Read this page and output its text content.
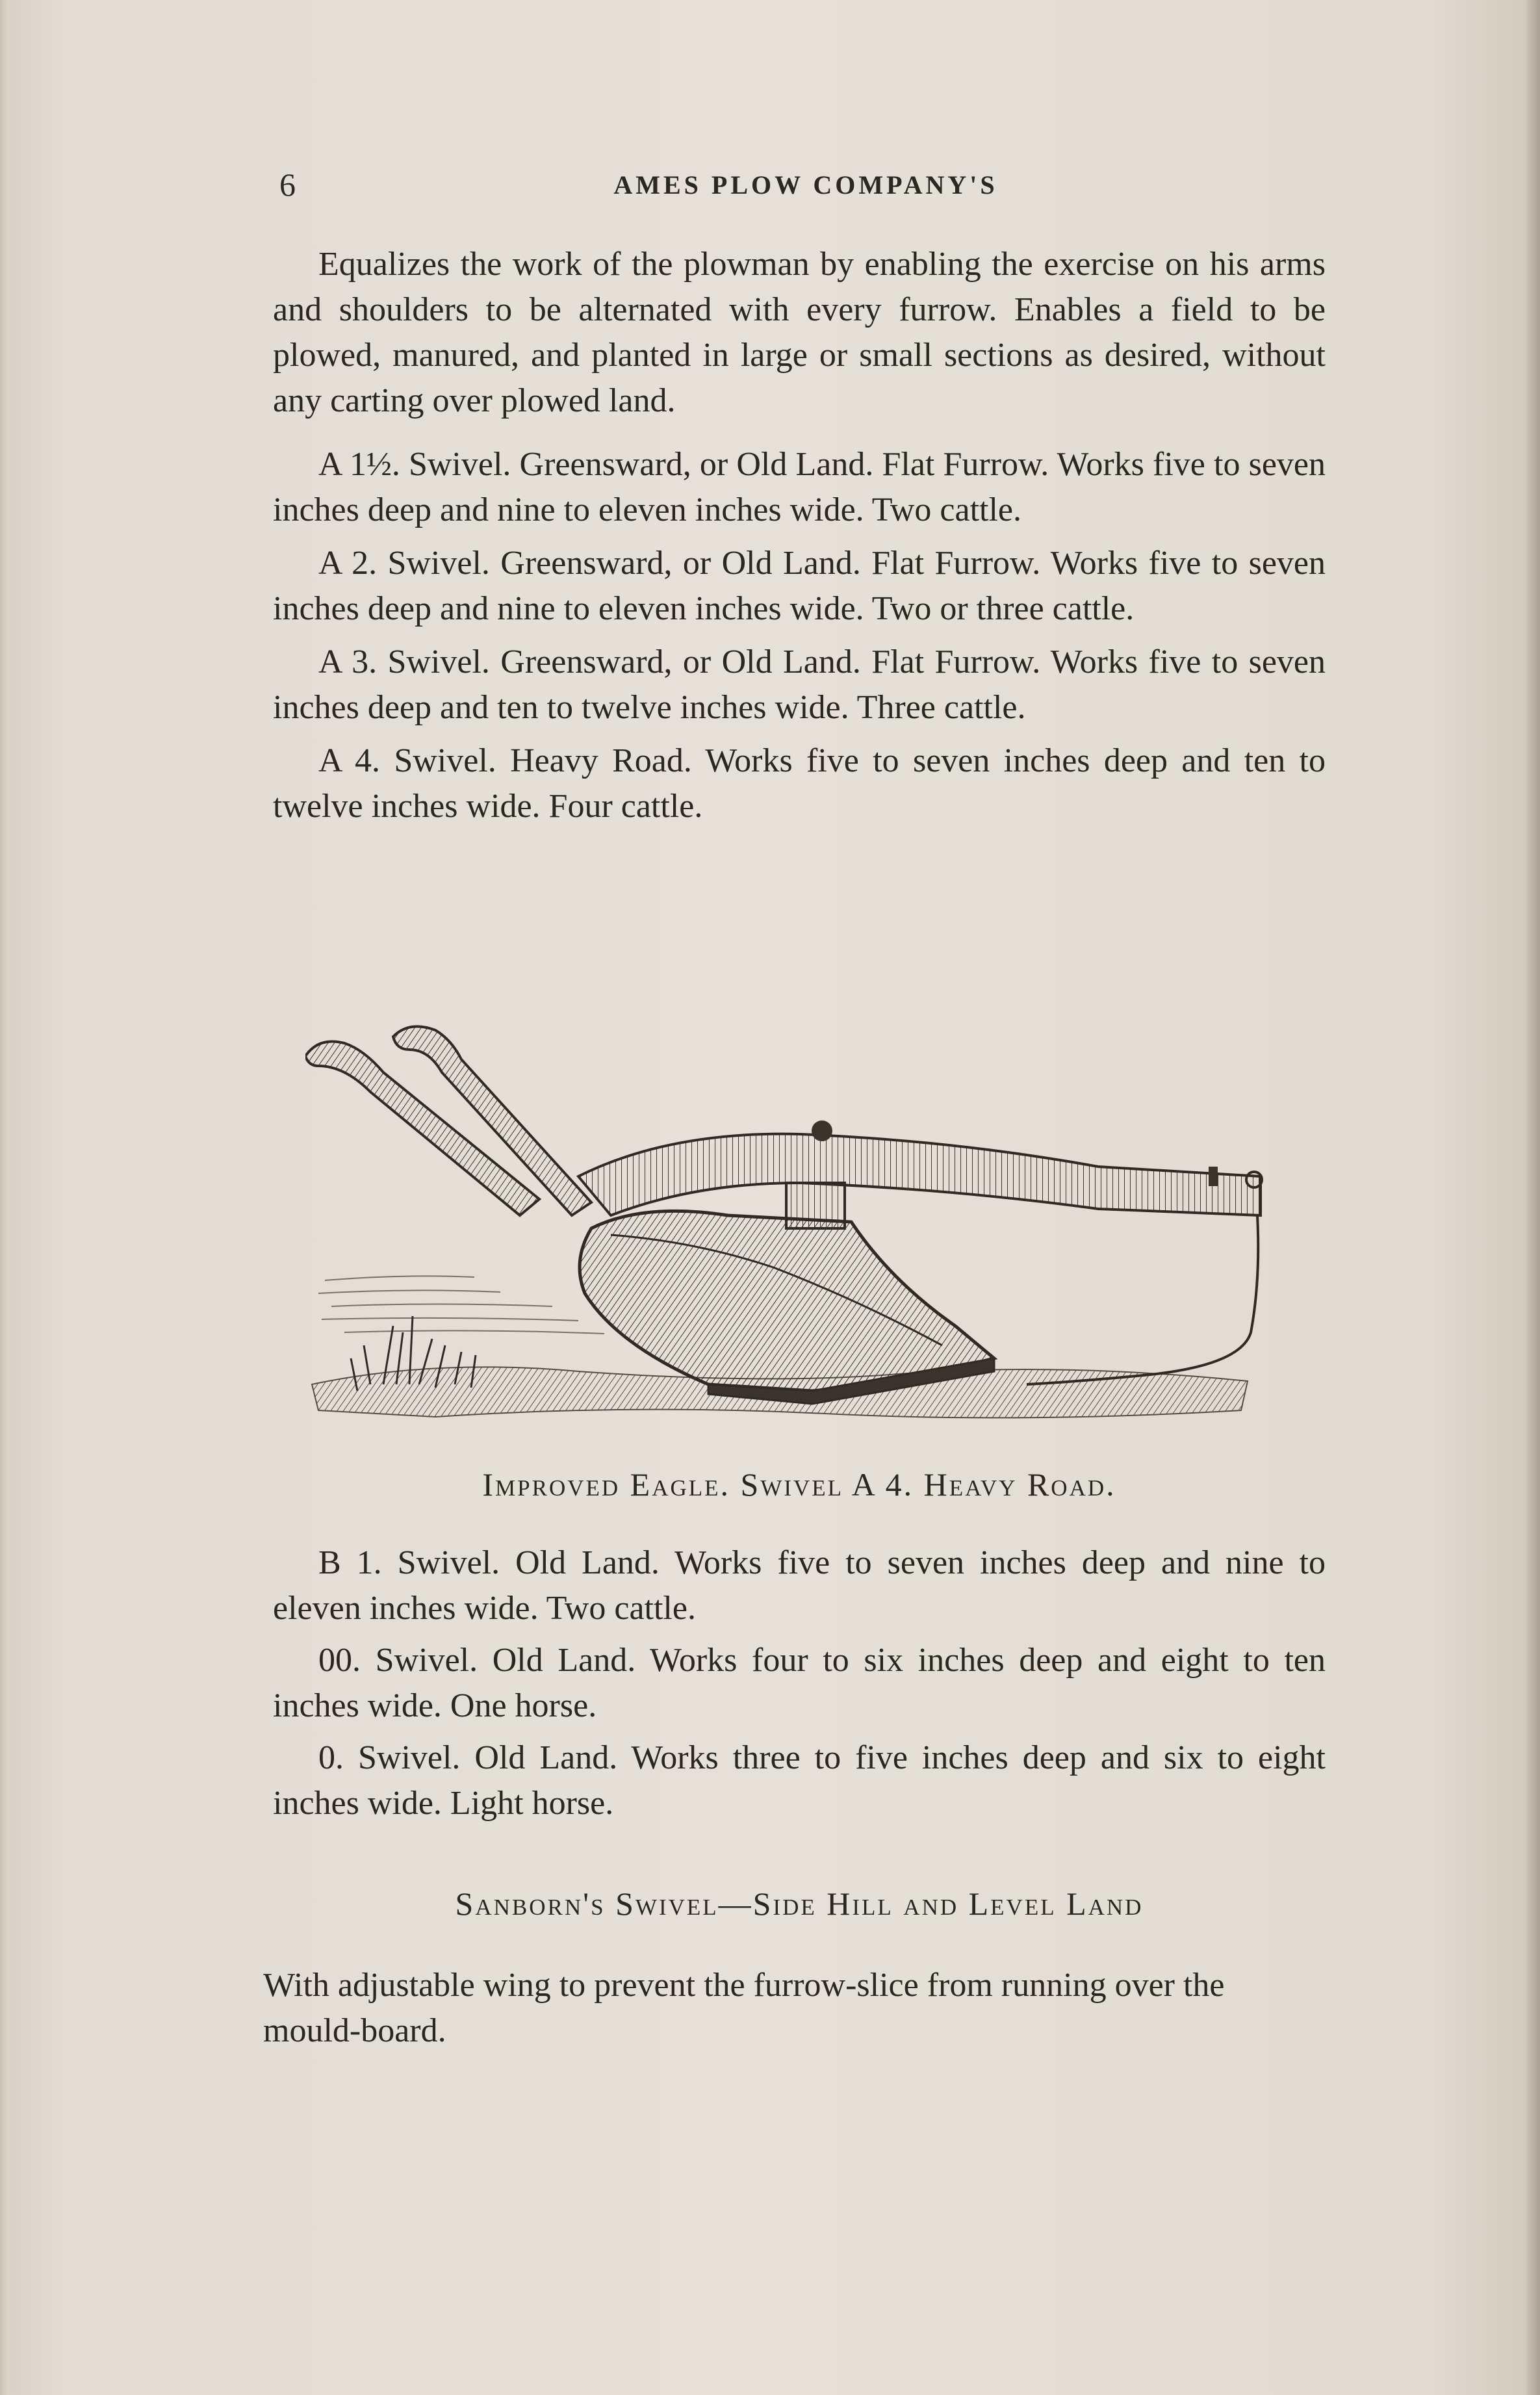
6	AMES PLOW COMPANY'S

Equalizes the work of the plowman by enabling the exercise on his arms and shoulders to be alternated with every furrow. Enables a field to be plowed, manured, and planted in large or small sections as desired, without any carting over plowed land.

A 1½. Swivel. Greensward, or Old Land. Flat Furrow. Works five to seven inches deep and nine to eleven inches wide. Two cattle.

A 2. Swivel. Greensward, or Old Land. Flat Furrow. Works five to seven inches deep and nine to eleven inches wide. Two or three cattle.

A 3. Swivel. Greensward, or Old Land. Flat Furrow. Works five to seven inches deep and ten to twelve inches wide. Three cattle.

A 4. Swivel. Heavy Road. Works five to seven inches deep and ten to twelve inches wide. Four cattle.

Improved Eagle. Swivel A 4. Heavy Road.

B 1. Swivel. Old Land. Works five to seven inches deep and nine to eleven inches wide. Two cattle.

00. Swivel. Old Land. Works four to six inches deep and eight to ten inches wide. One horse.

0. Swivel. Old Land. Works three to five inches deep and six to eight inches wide. Light horse.

Sanborn's Swivel—Side Hill and Level Land

With adjustable wing to prevent the furrow-slice from running over the mould-board.
